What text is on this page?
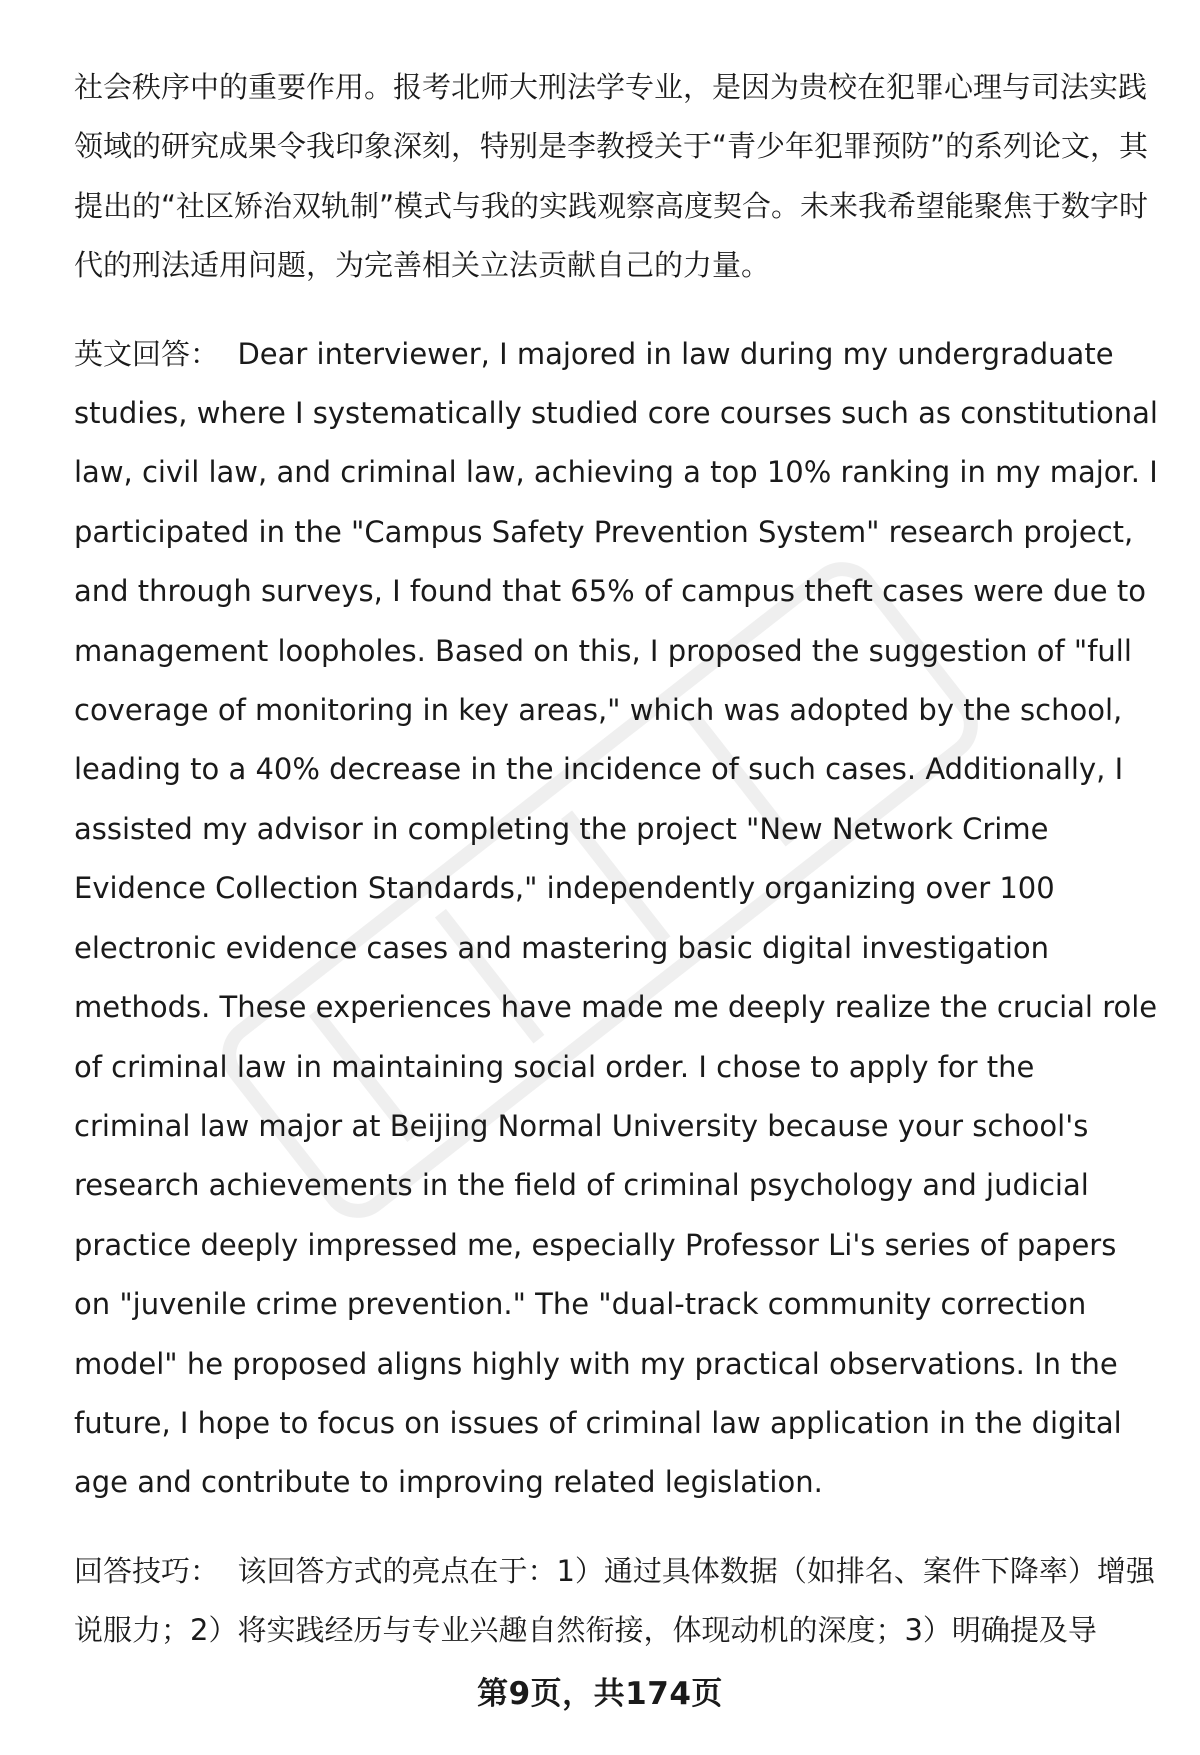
社会秩序中的重要作用。报考北师大刑法学专业，是因为贵校在犯罪心理与司法实践领域的研究成果令我印象深刻，特别是李教授关于“青少年犯罪预防”的系列论文，其提出的“社区矫治双轨制”模式与我的实践观察高度契合。未来我希望能聚焦于数字时代的刑法适用问题，为完善相关立法贡献自己的力量。

英文回答：  Dear interviewer, I majored in law during my undergraduate studies, where I systematically studied core courses such as constitutional law, civil law, and criminal law, achieving a top 10% ranking in my major. I participated in the "Campus Safety Prevention System" research project, and through surveys, I found that 65% of campus theft cases were due to management loopholes. Based on this, I proposed the suggestion of "full coverage of monitoring in key areas," which was adopted by the school, leading to a 40% decrease in the incidence of such cases. Additionally, I assisted my advisor in completing the project "New Network Crime Evidence Collection Standards," independently organizing over 100 electronic evidence cases and mastering basic digital investigation methods. These experiences have made me deeply realize the crucial role of criminal law in maintaining social order. I chose to apply for the criminal law major at Beijing Normal University because your school's research achievements in the field of criminal psychology and judicial practice deeply impressed me, especially Professor Li's series of papers on "juvenile crime prevention." The "dual-track community correction model" he proposed aligns highly with my practical observations. In the future, I hope to focus on issues of criminal law application in the digital age and contribute to improving related legislation.

回答技巧：  该回答方式的亮点在于：1）通过具体数据（如排名、案件下降率）增强说服力；2）将实践经历与专业兴趣自然衔接，体现动机的深度；3）明确提及导

第9页，共174页
